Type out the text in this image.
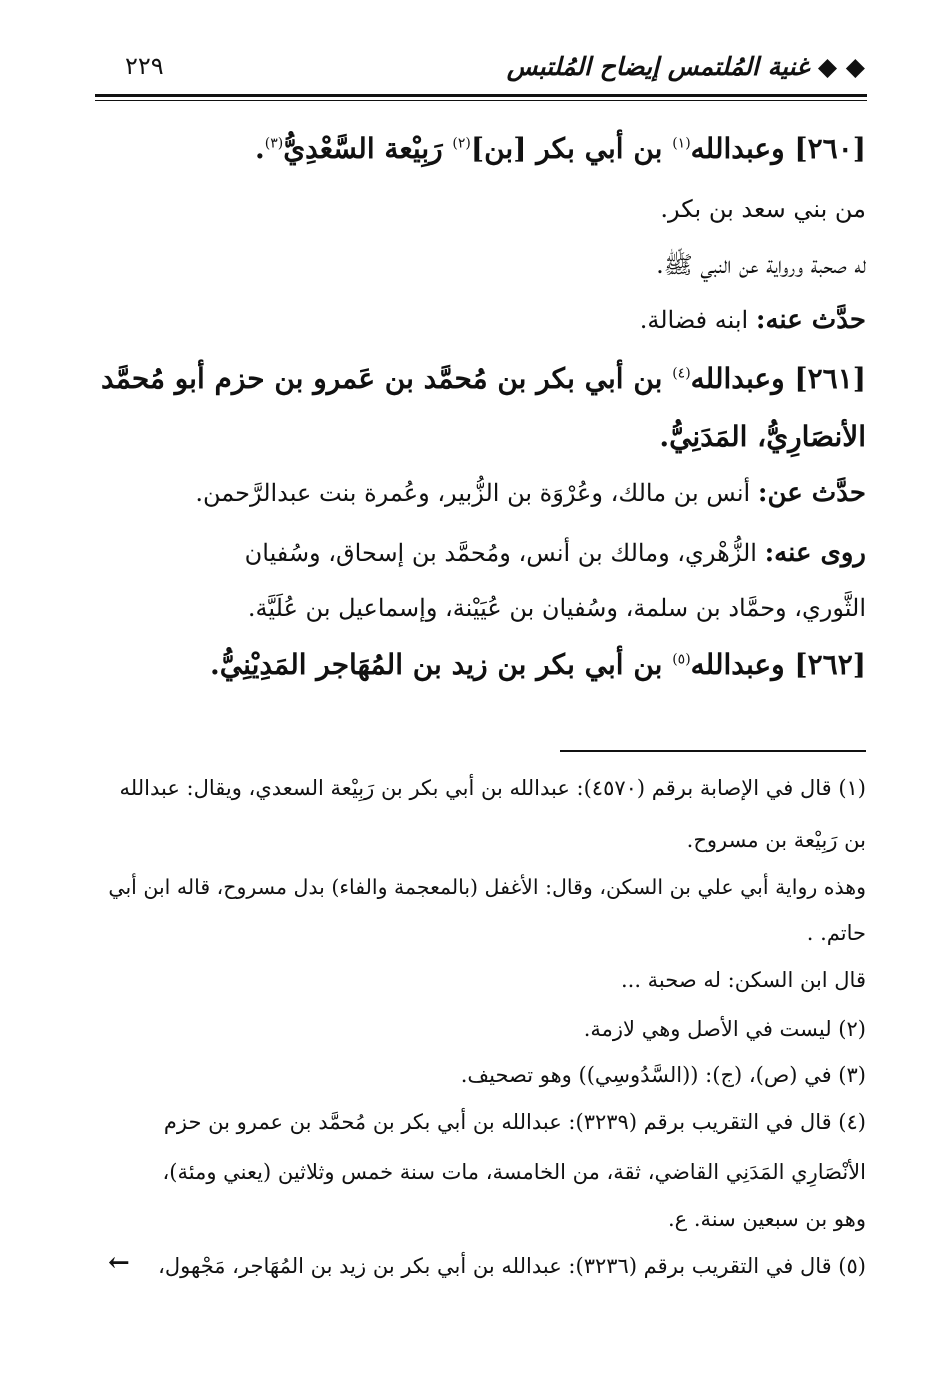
◆ ◆ غنية المُلتمس إيضاح المُلتبس
٢٢٩
[٢٦٠] وعبدالله$^{(١)}$ بن أبي بكر [بن]$^{(٢)}$ رَبِيْعة السَّعْدِيُّ$^{(٣)}$.
من بني سعد بن بكر.
له صحبة ورواية عن النبي ﷺ.
حدَّث عنه: ابنه فضالة.
[٢٦١] وعبدالله$^{(٤)}$ بن أبي بكر بن مُحمَّد بن عَمرو بن حزم أبو مُحمَّد
الأنصَارِيُّ، المَدَنِيُّ.
حدَّث عن: أنس بن مالك، وعُرْوَة بن الزُّبير، وعُمرة بنت عبدالرَّحمن.
روى عنه: الزُّهْري، ومالك بن أنس، ومُحمَّد بن إسحاق، وسُفيان
الثَّوري، وحمَّاد بن سلمة، وسُفيان بن عُيَيْنة، وإسماعيل بن عُلَيَّة.
[٢٦٢] وعبدالله$^{(٥)}$ بن أبي بكر بن زيد بن المُهَاجر المَدِيْنِيُّ.
(١) قال في الإصابة برقم (٤٥٧٠): عبدالله بن أبي بكر بن رَبِيْعة السعدي، ويقال: عبدالله
بن رَبِيْعة بن مسروح.
وهذه رواية أبي علي بن السكن، وقال: الأغفل (بالمعجمة والفاء) بدل مسروح، قاله ابن أبي
حاتم. .
قال ابن السكن: له صحبة ...
(٢) ليست في الأصل وهي لازمة.
(٣) في (ص)، (ج): ((السَّدُوسِي)) وهو تصحيف.
(٤) قال في التقريب برقم (٣٢٣٩): عبدالله بن أبي بكر بن مُحمَّد بن عمرو بن حزم
الأنْصَارِي المَدَنِي القاضي، ثقة، من الخامسة، مات سنة خمس وثلاثين (يعني ومئة)،
وهو بن سبعين سنة. ع.
(٥) قال في التقريب برقم (٣٢٣٦): عبدالله بن أبي بكر بن زيد بن المُهَاجر، مَجْهول،
←
